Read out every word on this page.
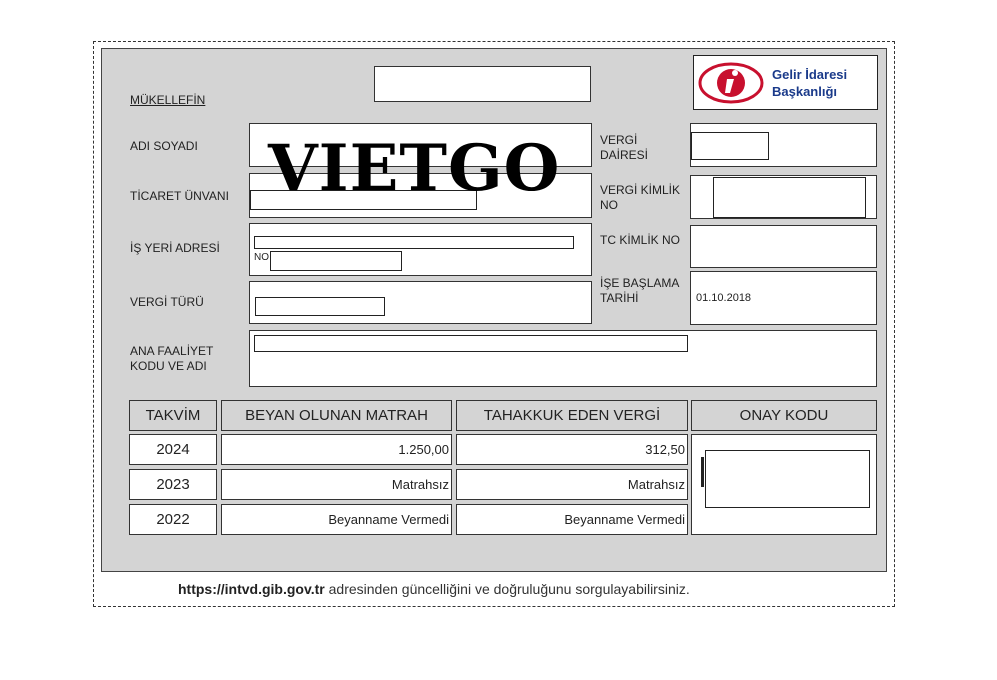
MÜKELLEFİN
Gelir İdaresi
Başkanlığı
ADI SOYADI
TİCARET ÜNVANI
İŞ YERİ ADRESİ
VERGİ TÜRÜ
ANA FAALİYET
KODU VE ADI
NO
VERGİ
DAİRESİ
VERGİ KİMLİK
NO
TC KİMLİK NO
İŞE BAŞLAMA
TARİHİ	01.10.2018
VIETGO
TAKVİM	BEYAN OLUNAN MATRAH	TAHAKKUK EDEN VERGİ	ONAY KODU
2024	1.250,00	312,50
2023	Matrahsız	Matrahsız
2022	Beyanname Vermedi	Beyanname Vermedi
https://intvd.gib.gov.tr adresinden güncelliğini ve doğruluğunu sorgulayabilirsiniz.
